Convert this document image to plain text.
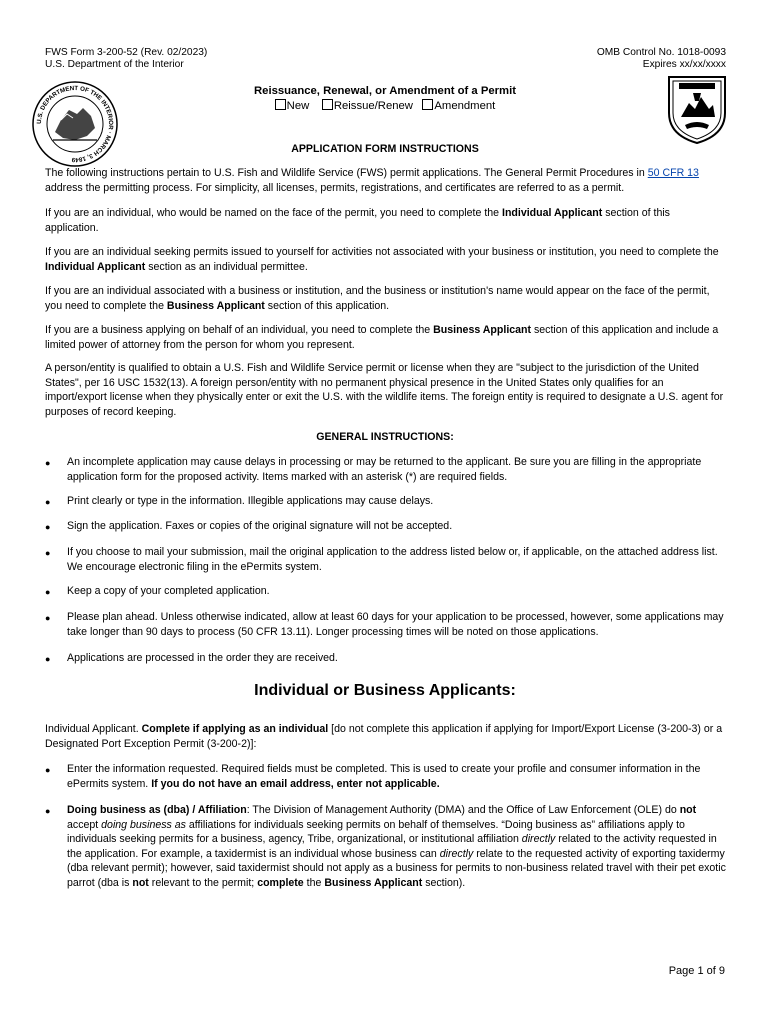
FWS Form 3-200-52 (Rev. 02/2023)
U.S. Department of the Interior
OMB Control No. 1018-0093
Expires xx/xx/xxxx
U.S. DEPARTMENT OF THE INTERIOR · MARCH 3, 1849
Reissuance, Renewal, or Amendment of a Permit
New Reissue/Renew Amendment
APPLICATION FORM INSTRUCTIONS
The following instructions pertain to U.S. Fish and Wildlife Service (FWS) permit applications. The General Permit Procedures in 50 CFR 13 address the permitting process. For simplicity, all licenses, permits, registrations, and certificates are referred to as a permit.
If you are an individual, who would be named on the face of the permit, you need to complete the Individual Applicant section of this application.
If you are an individual seeking permits issued to yourself for activities not associated with your business or institution, you need to complete the Individual Applicant section as an individual permittee.
If you are an individual associated with a business or institution, and the business or institution's name would appear on the face of the permit, you need to complete the Business Applicant section of this application.
If you are a business applying on behalf of an individual, you need to complete the Business Applicant section of this application and include a limited power of attorney from the person for whom you represent.
A person/entity is qualified to obtain a U.S. Fish and Wildlife Service permit or license when they are "subject to the jurisdiction of the United States", per 16 USC 1532(13). A foreign person/entity with no permanent physical presence in the United States only qualifies for an import/export license when they physically enter or exit the U.S. with the wildlife items. The foreign entity is required to designate a U.S. agent for purposes of record keeping.
GENERAL INSTRUCTIONS:
● An incomplete application may cause delays in processing or may be returned to the applicant. Be sure you are filling in the appropriate application form for the proposed activity. Items marked with an asterisk (*) are required fields.
● Print clearly or type in the information. Illegible applications may cause delays.
● Sign the application. Faxes or copies of the original signature will not be accepted.
● If you choose to mail your submission, mail the original application to the address listed below or, if applicable, on the attached address list. We encourage electronic filing in the ePermits system.
● Keep a copy of your completed application.
● Please plan ahead. Unless otherwise indicated, allow at least 60 days for your application to be processed, however, some applications may take longer than 90 days to process (50 CFR 13.11). Longer processing times will be noted on those applications.
● Applications are processed in the order they are received.
Individual or Business Applicants:
Individual Applicant. Complete if applying as an individual [do not complete this application if applying for Import/Export License (3-200-3) or a Designated Port Exception Permit (3-200-2)]:
● Enter the information requested. Required fields must be completed. This is used to create your profile and consumer information in the ePermits system. If you do not have an email address, enter not applicable.
● Doing business as (dba) / Affiliation: The Division of Management Authority (DMA) and the Office of Law Enforcement (OLE) do not accept doing business as affiliations for individuals seeking permits on behalf of themselves. “Doing business as” affiliations apply to individuals seeking permits for a business, agency, Tribe, organizational, or institutional affiliation directly related to the activity requested in the application. For example, a taxidermist is an individual whose business can directly relate to the requested activity of exporting taxidermy (dba relevant permit); however, said taxidermist should not apply as a business for permits to non-business related travel with their pet exotic parrot (dba is not relevant to the permit; complete the Business Applicant section).
Page 1 of 9
